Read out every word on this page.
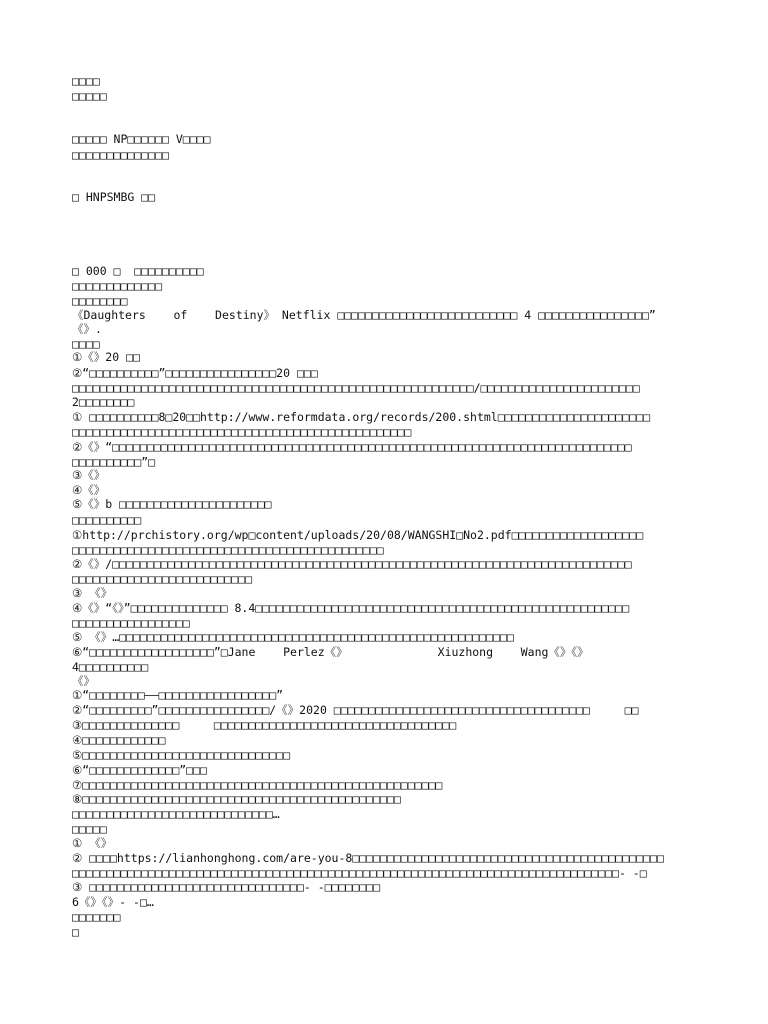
□□□□

□□□□□

□□□□□ NP□□□□□□ V□□□□

□□□□□□□□□□□□□□

□ HNPSMBG □□

□ 000 □  □□□□□□□□□□

□□□□□□□□□□□□□

□□□□□□□□

《Daughters    of    Destiny》 Netflix □□□□□□□□□□□□□□□□□□□□□□□□□□ 4 □□□□□□□□□□□□□□□□”

《》.

□□□□

①《》20 □□

②“□□□□□□□□□□”□□□□□□□□□□□□□□□□20 □□□

□□□□□□□□□□□□□□□□□□□□□□□□□□□□□□□□□□□□□□□□□□□□□□□□□□□□□□□□□□/□□□□□□□□□□□□□□□□□□□□□□□

2□□□□□□□□

① □□□□□□□□□□8□20□□http://www.reformdata.org/records/200.shtml□□□□□□□□□□□□□□□□□□□□□□

□□□□□□□□□□□□□□□□□□□□□□□□□□□□□□□□□□□□□□□□□□□□□□□□□

②《》“□□□□□□□□□□□□□□□□□□□□□□□□□□□□□□□□□□□□□□□□□□□□□□□□□□□□□□□□□□□□□□□□□□□□□□□□□□□

□□□□□□□□□□”□

③《》

④《》

⑤《》b □□□□□□□□□□□□□□□□□□□□□□

□□□□□□□□□□

①http://prchistory.org/wp□content/uploads/20/08/WANGSHI□No2.pdf□□□□□□□□□□□□□□□□□□□

□□□□□□□□□□□□□□□□□□□□□□□□□□□□□□□□□□□□□□□□□□□□□

②《》/□□□□□□□□□□□□□□□□□□□□□□□□□□□□□□□□□□□□□□□□□□□□□□□□□□□□□□□□□□□□□□□□□□□□□□□□□□□

□□□□□□□□□□□□□□□□□□□□□□□□□□

③ 《》

④《》“《》”□□□□□□□□□□□□□□ 8.4□□□□□□□□□□□□□□□□□□□□□□□□□□□□□□□□□□□□□□□□□□□□□□□□□□□□□□

□□□□□□□□□□□□□□□□□

⑤ 《》…□□□□□□□□□□□□□□□□□□□□□□□□□□□□□□□□□□□□□□□□□□□□□□□□□□□□□□□□□

⑥“□□□□□□□□□□□□□□□□□□”□Jane    Perlez《》             Xiuzhong    Wang《》《》

4□□□□□□□□□□

《》

①“□□□□□□□□——□□□□□□□□□□□□□□□□□”

②“□□□□□□□□□”□□□□□□□□□□□□□□□□/《》2020 □□□□□□□□□□□□□□□□□□□□□□□□□□□□□□□□□□□□□     □□

③□□□□□□□□□□□□□□     □□□□□□□□□□□□□□□□□□□□□□□□□□□□□□□□□□□

④□□□□□□□□□□□□

⑤□□□□□□□□□□□□□□□□□□□□□□□□□□□□□□

⑥“□□□□□□□□□□□□□”□□□

⑦□□□□□□□□□□□□□□□□□□□□□□□□□□□□□□□□□□□□□□□□□□□□□□□□□□□□

⑧□□□□□□□□□□□□□□□□□□□□□□□□□□□□□□□□□□□□□□□□□□□□□□

□□□□□□□□□□□□□□□□□□□□□□□□□□□□□…

□□□□□

① 《》

② □□□□https://lianhonghong.com/are-you-8□□□□□□□□□□□□□□□□□□□□□□□□□□□□□□□□□□□□□□□□□□□□□

□□□□□□□□□□□□□□□□□□□□□□□□□□□□□□□□□□□□□□□□□□□□□□□□□□□□□□□□□□□□□□□□□□□□□□□□□□□□□□□- -□

③ □□□□□□□□□□□□□□□□□□□□□□□□□□□□□□□- -□□□□□□□□

6《》《》- -□…

□□□□□□□

□
